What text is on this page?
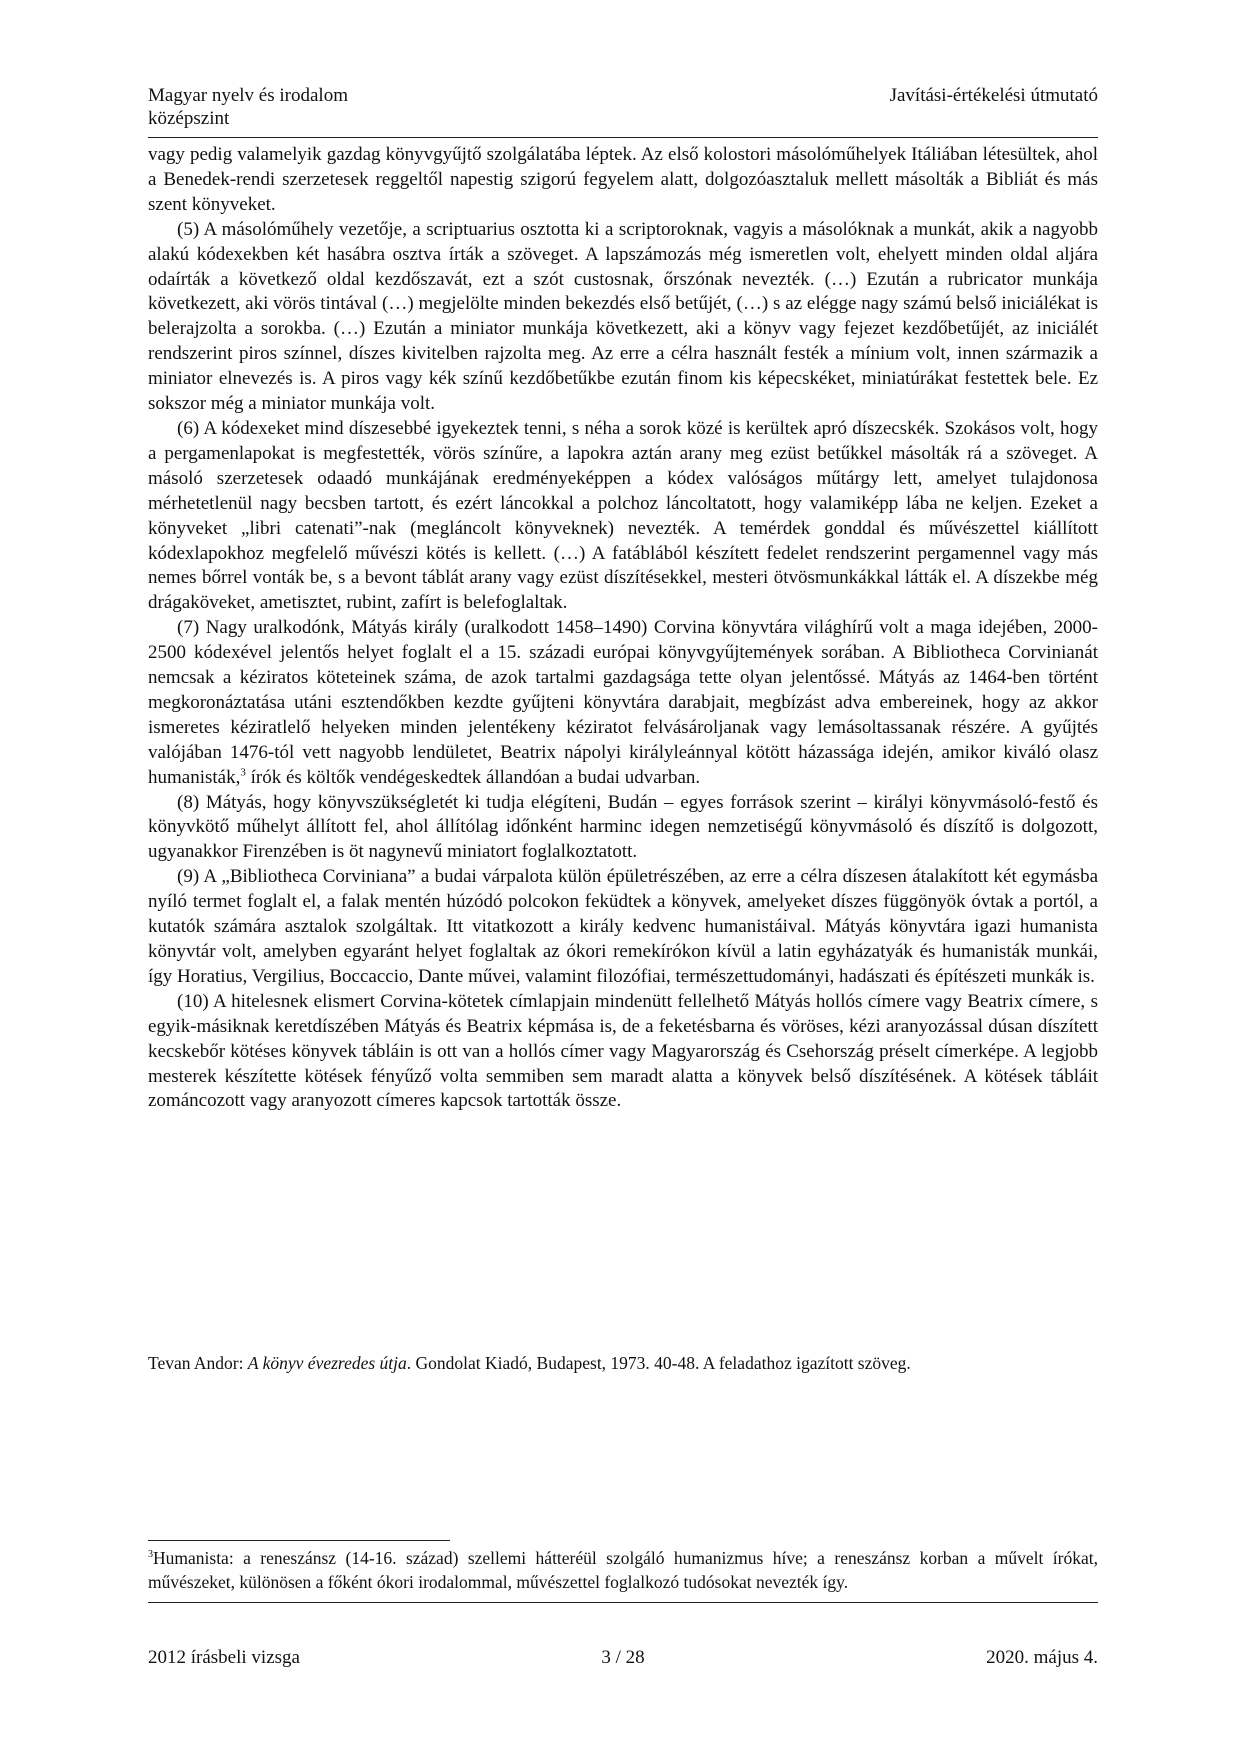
Magyar nyelv és irodalom
középszint
Javítási-értékelési útmutató

vagy pedig valamelyik gazdag könyvgyűjtő szolgálatába léptek. Az első kolostori másolóműhelyek Itáliában létesültek, ahol a Benedek-rendi szerzetesek reggeltől napestig szigorú fegyelem alatt, dolgozóasztaluk mellett másolták a Bibliát és más szent könyveket.

(5) A másolóműhely vezetője, a scriptuarius osztotta ki a scriptoroknak, vagyis a másolóknak a munkát, akik a nagyobb alakú kódexekben két hasábra osztva írták a szöveget. A lapszámozás még ismeretlen volt, ehelyett minden oldal aljára odaírták a következő oldal kezdőszavát, ezt a szót custosnak, őrszónak nevezték. (…) Ezután a rubricator munkája következett, aki vörös tintával (…) megjelölte minden bekezdés első betűjét, (…) s az elégge nagy számú belső iniciálékat is belerajzolta a sorokba. (…) Ezután a miniator munkája következett, aki a könyv vagy fejezet kezdőbetűjét, az iniciálét rendszerint piros színnel, díszes kivitelben rajzolta meg. Az erre a célra használt festék a mínium volt, innen származik a miniator elnevezés is. A piros vagy kék színű kezdőbetűkbe ezután finom kis képecskéket, miniatúrákat festettek bele. Ez sokszor még a miniator munkája volt.

(6) A kódexeket mind díszesebbé igyekeztek tenni, s néha a sorok közé is kerültek apró díszecskék. Szokásos volt, hogy a pergamenlapokat is megfestették, vörös színűre, a lapokra aztán arany meg ezüst betűkkel másolták rá a szöveget. A másoló szerzetesek odaadó munkájának eredményeképpen a kódex valóságos műtárgy lett, amelyet tulajdonosa mérhetetlenül nagy becsben tartott, és ezért láncokkal a polchoz láncoltatott, hogy valamiképp lába ne keljen. Ezeket a könyveket „libri catenati”-nak (megláncolt könyveknek) nevezték. A temérdek gonddal és művészettel kiállított kódexlapokhoz megfelelő művészi kötés is kellett. (…) A fatáblából készített fedelet rendszerint pergamennel vagy más nemes bőrrel vonták be, s a bevont táblát arany vagy ezüst díszítésekkel, mesteri ötvösmunkákkal látták el. A díszekbe még drágaköveket, ametisztet, rubint, zafírt is belefoglaltak.

(7) Nagy uralkodónk, Mátyás király (uralkodott 1458–1490) Corvina könyvtára világhírű volt a maga idejében, 2000-2500 kódexével jelentős helyet foglalt el a 15. századi európai könyvgyűjtemények sorában. A Bibliotheca Corvinianát nemcsak a kéziratos köteteinek száma, de azok tartalmi gazdagsága tette olyan jelentőssé. Mátyás az 1464-ben történt megkoronáztatása utáni esztendőkben kezdte gyűjteni könyvtára darabjait, megbízást adva embereinek, hogy az akkor ismeretes kéziratlelő helyeken minden jelentékeny kéziratot felvásároljanak vagy lemásoltassanak részére. A gyűjtés valójában 1476-tól vett nagyobb lendületet, Beatrix nápolyi királyleánnyal kötött házassága idején, amikor kiváló olasz humanisták,$^3$ írók és költők vendégeskedtek állandóan a budai udvarban.

(8) Mátyás, hogy könyvszükségletét ki tudja elégíteni, Budán – egyes források szerint – királyi könyvmásoló-festő és könyvkötő műhelyt állított fel, ahol állítólag időnként harminc idegen nemzetiségű könyvmásoló és díszítő is dolgozott, ugyanakkor Firenzében is öt nagynevű miniatort foglalkoztatott.

(9) A „Bibliotheca Corviniana” a budai várpalota külön épületrészében, az erre a célra díszesen átalakított két egymásba nyíló termet foglalt el, a falak mentén húzódó polcokon feküdtek a könyvek, amelyeket díszes függönyök óvtak a portól, a kutatók számára asztalok szolgáltak. Itt vitatkozott a király kedvenc humanistáival. Mátyás könyvtára igazi humanista könyvtár volt, amelyben egyaránt helyet foglaltak az ókori remekírókon kívül a latin egyházatyák és humanisták munkái, így Horatius, Vergilius, Boccaccio, Dante művei, valamint filozófiai, természettudományi, hadászati és építészeti munkák is.

(10) A hitelesnek elismert Corvina-kötetek címlapjain mindenütt fellelhető Mátyás hollós címere vagy Beatrix címere, s egyik-másiknak keretdíszében Mátyás és Beatrix képmása is, de a feketésbarna és vöröses, kézi aranyozással dúsan díszített kecskebőr kötéses könyvek tábláin is ott van a hollós címer vagy Magyarország és Csehország préselt címerképe. A legjobb mesterek készítette kötések fényűző volta semmiben sem maradt alatta a könyvek belső díszítésének. A kötések tábláit zománcozott vagy aranyozott címeres kapcsok tartották össze.

Tevan Andor: A könyv évezredes útja. Gondolat Kiadó, Budapest, 1973. 40-48. A feladathoz igazított szöveg.
$^3$Humanista: a reneszánsz (14-16. század) szellemi hátteréül szolgáló humanizmus híve; a reneszánsz korban a művelt írókat, művészeket, különösen a főként ókori irodalommal, művészettel foglalkozó tudósokat nevezték így.
2012 írásbeli vizsga	3 / 28	2020. május 4.
